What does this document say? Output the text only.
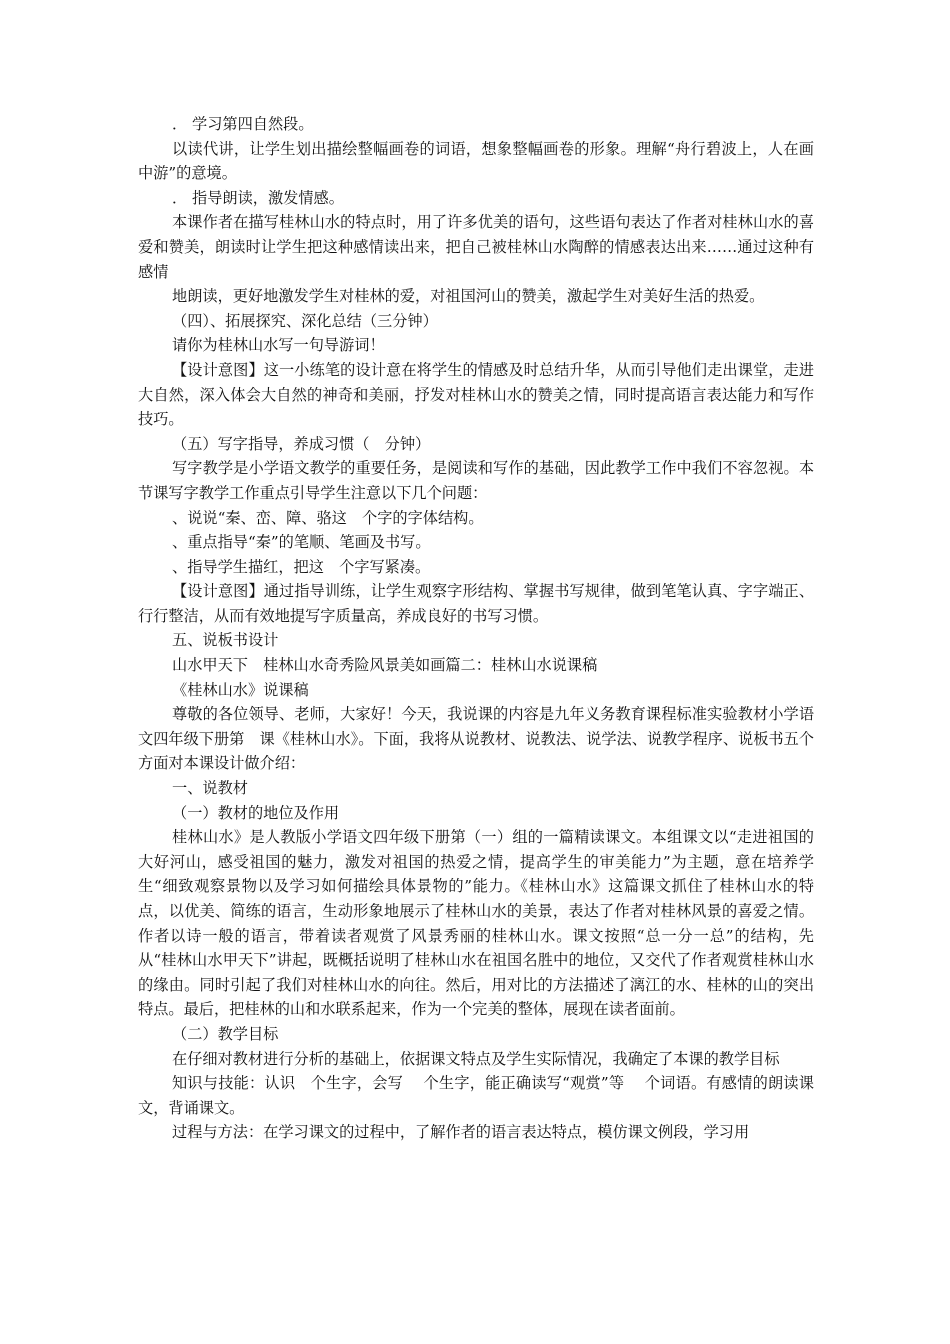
． 学习第四自然段。

以读代讲，让学生划出描绘整幅画卷的词语，想象整幅画卷的形象。理解“舟行碧波上，人在画中游”的意境。

． 指导朗读，激发情感。

本课作者在描写桂林山水的特点时，用了许多优美的语句，这些语句表达了作者对桂林山水的喜爱和赞美，朗读时让学生把这种感情读出来，把自己被桂林山水陶醉的情感表达出来……通过这种有感情

地朗读，更好地激发学生对桂林的爱，对祖国河山的赞美，激起学生对美好生活的热爱。

（四）、拓展探究、深化总结（三分钟）

请你为桂林山水写一句导游词！

【设计意图】这一小练笔的设计意在将学生的情感及时总结升华，从而引导他们走出课堂，走进大自然，深入体会大自然的神奇和美丽，抒发对桂林山水的赞美之情，同时提高语言表达能力和写作技巧。

（五）写字指导，养成习惯（　分钟）

写字教学是小学语文教学的重要任务，是阅读和写作的基础，因此教学工作中我们不容忽视。本节课写字教学工作重点引导学生注意以下几个问题：

、说说“秦、峦、障、骆这　个字的字体结构。

、重点指导“秦”的笔顺、笔画及书写。

、指导学生描红，把这　个字写紧凑。

【设计意图】通过指导训练，让学生观察字形结构、掌握书写规律，做到笔笔认真、字字端正、行行整洁，从而有效地提写字质量高，养成良好的书写习惯。

五、说板书设计

山水甲天下　桂林山水奇秀险风景美如画篇二：桂林山水说课稿

《桂林山水》说课稿

尊敬的各位领导、老师，大家好！今天，我说课的内容是九年义务教育课程标准实验教材小学语文四年级下册第　课《桂林山水》。下面，我将从说教材、说教法、说学法、说教学程序、说板书五个方面对本课设计做介绍：

一、说教材

（一）教材的地位及作用

桂林山水》是人教版小学语文四年级下册第（一）组的一篇精读课文。本组课文以“走进祖国的大好河山，感受祖国的魅力，激发对祖国的热爱之情，提高学生的审美能力”为主题，意在培养学生“细致观察景物以及学习如何描绘具体景物的”能力。《桂林山水》这篇课文抓住了桂林山水的特点，以优美、简练的语言，生动形象地展示了桂林山水的美景，表达了作者对桂林风景的喜爱之情。作者以诗一般的语言，带着读者观赏了风景秀丽的桂林山水。课文按照“总一分一总”的结构，先从“桂林山水甲天下”讲起，既概括说明了桂林山水在祖国名胜中的地位，又交代了作者观赏桂林山水的缘由。同时引起了我们对桂林山水的向往。然后，用对比的方法描述了漓江的水、桂林的山的突出特点。最后，把桂林的山和水联系起来，作为一个完美的整体，展现在读者面前。

（二）教学目标

在仔细对教材进行分析的基础上，依据课文特点及学生实际情况，我确定了本课的教学目标

知识与技能：认识　个生字，会写　 个生字，能正确读写“观赏”等　 个词语。有感情的朗读课文，背诵课文。

过程与方法：在学习课文的过程中，了解作者的语言表达特点，模仿课文例段，学习用
